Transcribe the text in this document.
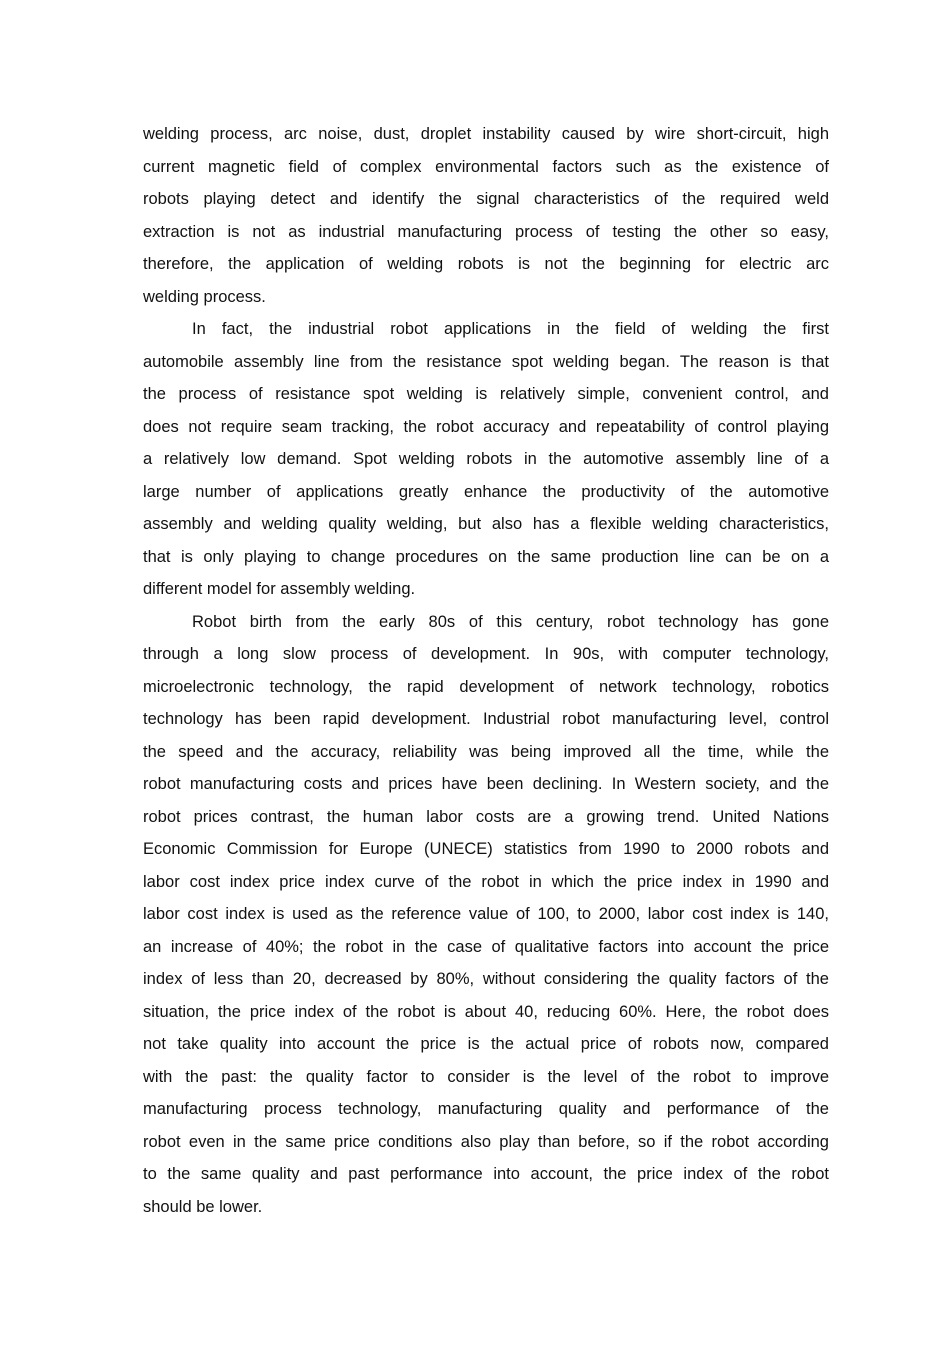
welding process, arc noise, dust, droplet instability caused by wire short-circuit, high
current magnetic field of complex environmental factors such as the existence of
robots playing detect and identify the signal characteristics of the required weld
extraction is not as industrial manufacturing process of testing the other so easy,
therefore, the application of welding robots is not the beginning for electric arc
welding process.

In fact, the industrial robot applications in the field of welding the first
automobile assembly line from the resistance spot welding began. The reason is that
the process of resistance spot welding is relatively simple, convenient control, and
does not require seam tracking, the robot accuracy and repeatability of control playing
a relatively low demand. Spot welding robots in the automotive assembly line of a
large number of applications greatly enhance the productivity of the automotive
assembly and welding quality welding, but also has a flexible welding characteristics,
that is only playing to change procedures on the same production line can be on a
different model for assembly welding.

Robot birth from the early 80s of this century, robot technology has gone
through a long slow process of development. In 90s, with computer technology,
microelectronic technology, the rapid development of network technology, robotics
technology has been rapid development. Industrial robot manufacturing level, control
the speed and the accuracy, reliability was being improved all the time, while the
robot manufacturing costs and prices have been declining. In Western society, and the
robot prices contrast, the human labor costs are a growing trend. United Nations
Economic Commission for Europe (UNECE) statistics from 1990 to 2000 robots and
labor cost index price index curve of the robot in which the price index in 1990 and
labor cost index is used as the reference value of 100, to 2000, labor cost index is 140,
an increase of 40%; the robot in the case of qualitative factors into account the price
index of less than 20, decreased by 80%, without considering the quality factors of the
situation, the price index of the robot is about 40, reducing 60%. Here, the robot does
not take quality into account the price is the actual price of robots now, compared
with the past: the quality factor to consider is the level of the robot to improve
manufacturing process technology, manufacturing quality and performance of the
robot even in the same price conditions also play than before, so if the robot according
to the same quality and past performance into account, the price index of the robot
should be lower.
